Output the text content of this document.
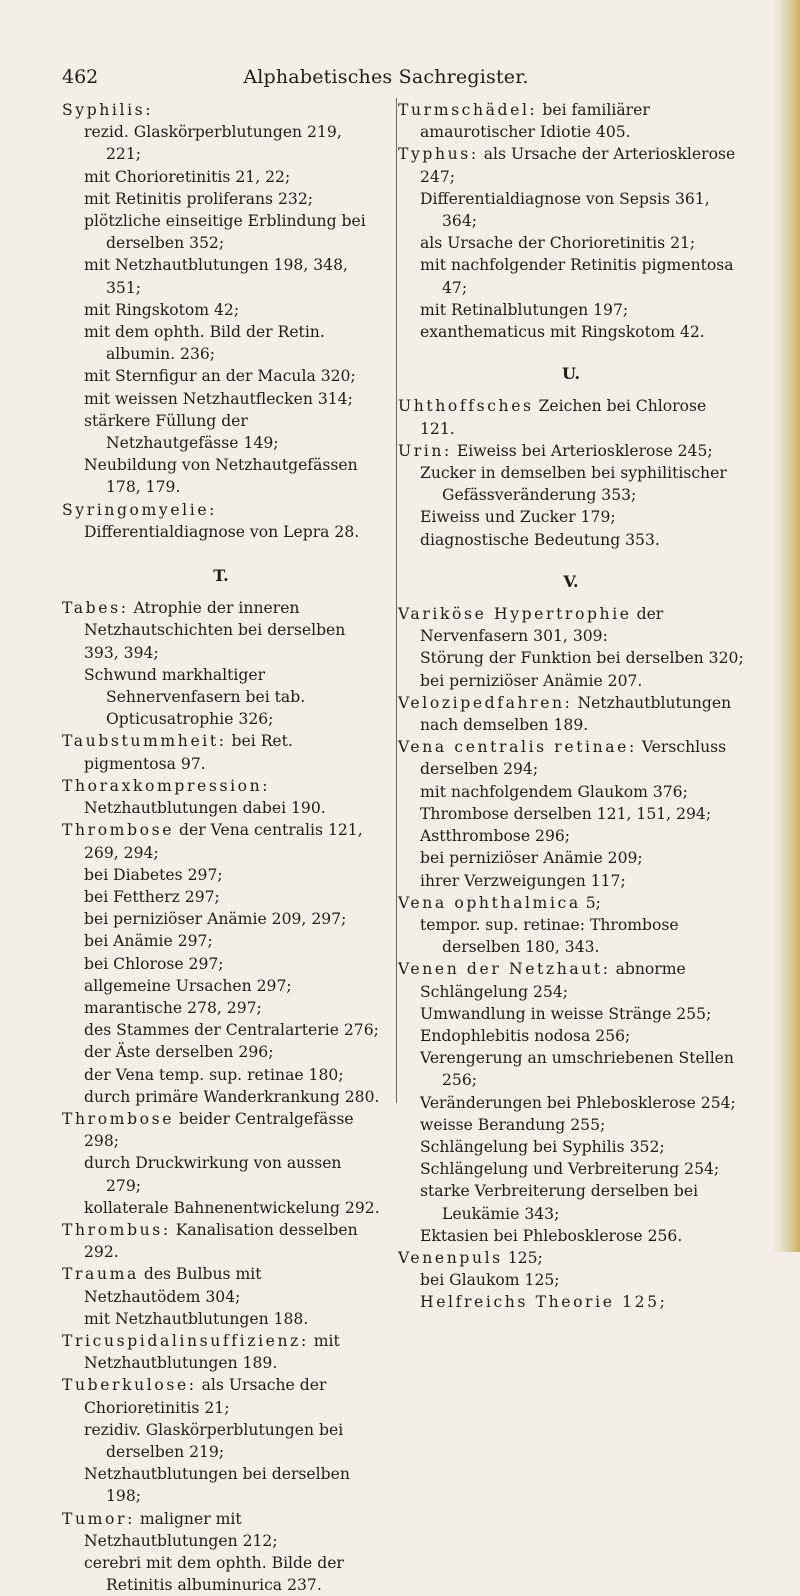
462	Alphabetisches Sachregister.
Syphilis:
rezid. Glaskörperblutungen 219, 221;
mit Chorioretinitis 21, 22;
mit Retinitis proliferans 232;
plötzliche einseitige Erblindung bei derselben 352;
mit Netzhautblutungen 198, 348, 351;
mit Ringskotom 42;
mit dem ophth. Bild der Retin. albumin. 236;
mit Sternfigur an der Macula 320;
mit weissen Netzhautflecken 314;
stärkere Füllung der Netzhautgefässe 149;
Neubildung von Netzhautgefässen 178, 179.
Syringomyelie: Differentialdiagnose von Lepra 28.
T.
Tabes: Atrophie der inneren Netzhautschichten bei derselben 393, 394;
Schwund markhaltiger Sehnervenfasern bei tab. Opticusatrophie 326;
Taubstummheit: bei Ret. pigmentosa 97.
Thoraxkompression: Netzhautblutungen dabei 190.
Thrombose der Vena centralis 121, 269, 294;
bei Diabetes 297;
bei Fettherz 297;
bei perniziöser Anämie 209, 297;
bei Anämie 297;
bei Chlorose 297;
allgemeine Ursachen 297;
marantische 278, 297;
des Stammes der Centralarterie 276;
der Äste derselben 296;
der Vena temp. sup. retinae 180;
durch primäre Wanderkrankung 280.
Thrombose beider Centralgefässe 298;
durch Druckwirkung von aussen 279;
kollaterale Bahnenentwickelung 292.
Thrombus: Kanalisation desselben 292.
Trauma des Bulbus mit Netzhautödem 304;
mit Netzhautblutungen 188.
Tricuspidalinsuffizienz: mit Netzhautblutungen 189.
Tuberkulose: als Ursache der Chorioretinitis 21;
rezidiv. Glaskörperblutungen bei derselben 219;
Netzhautblutungen bei derselben 198;
Tumor: maligner mit Netzhautblutungen 212;
cerebri mit dem ophth. Bilde der Retinitis albuminurica 237.
Turmschädel: bei familiärer amaurotischer Idiotie 405.
Typhus: als Ursache der Arteriosklerose 247;
Differentialdiagnose von Sepsis 361, 364;
als Ursache der Chorioretinitis 21;
mit nachfolgender Retinitis pigmentosa 47;
mit Retinalblutungen 197;
exanthematicus mit Ringskotom 42.
U.
Uhthoffsches Zeichen bei Chlorose 121.
Urin: Eiweiss bei Arteriosklerose 245;
Zucker in demselben bei syphilitischer Gefässveränderung 353;
Eiweiss und Zucker 179;
diagnostische Bedeutung 353.
V.
Variköse Hypertrophie der Nervenfasern 301, 309:
Störung der Funktion bei derselben 320;
bei perniziöser Anämie 207.
Velozipedfahren: Netzhautblutungen nach demselben 189.
Vena centralis retinae: Verschluss derselben 294;
mit nachfolgendem Glaukom 376;
Thrombose derselben 121, 151, 294;
Astthrombose 296;
bei perniziöser Anämie 209;
ihrer Verzweigungen 117;
Vena ophthalmica 5;
tempor. sup. retinae: Thrombose derselben 180, 343.
Venen der Netzhaut: abnorme Schlängelung 254;
Umwandlung in weisse Stränge 255;
Endophlebitis nodosa 256;
Verengerung an umschriebenen Stellen 256;
Veränderungen bei Phlebosklerose 254;
weisse Berandung 255;
Schlängelung bei Syphilis 352;
Schlängelung und Verbreiterung 254;
starke Verbreiterung derselben bei Leukämie 343;
Ektasien bei Phlebosklerose 256.
Venenpuls 125;
bei Glaukom 125;
Helfreichs Theorie 125;
